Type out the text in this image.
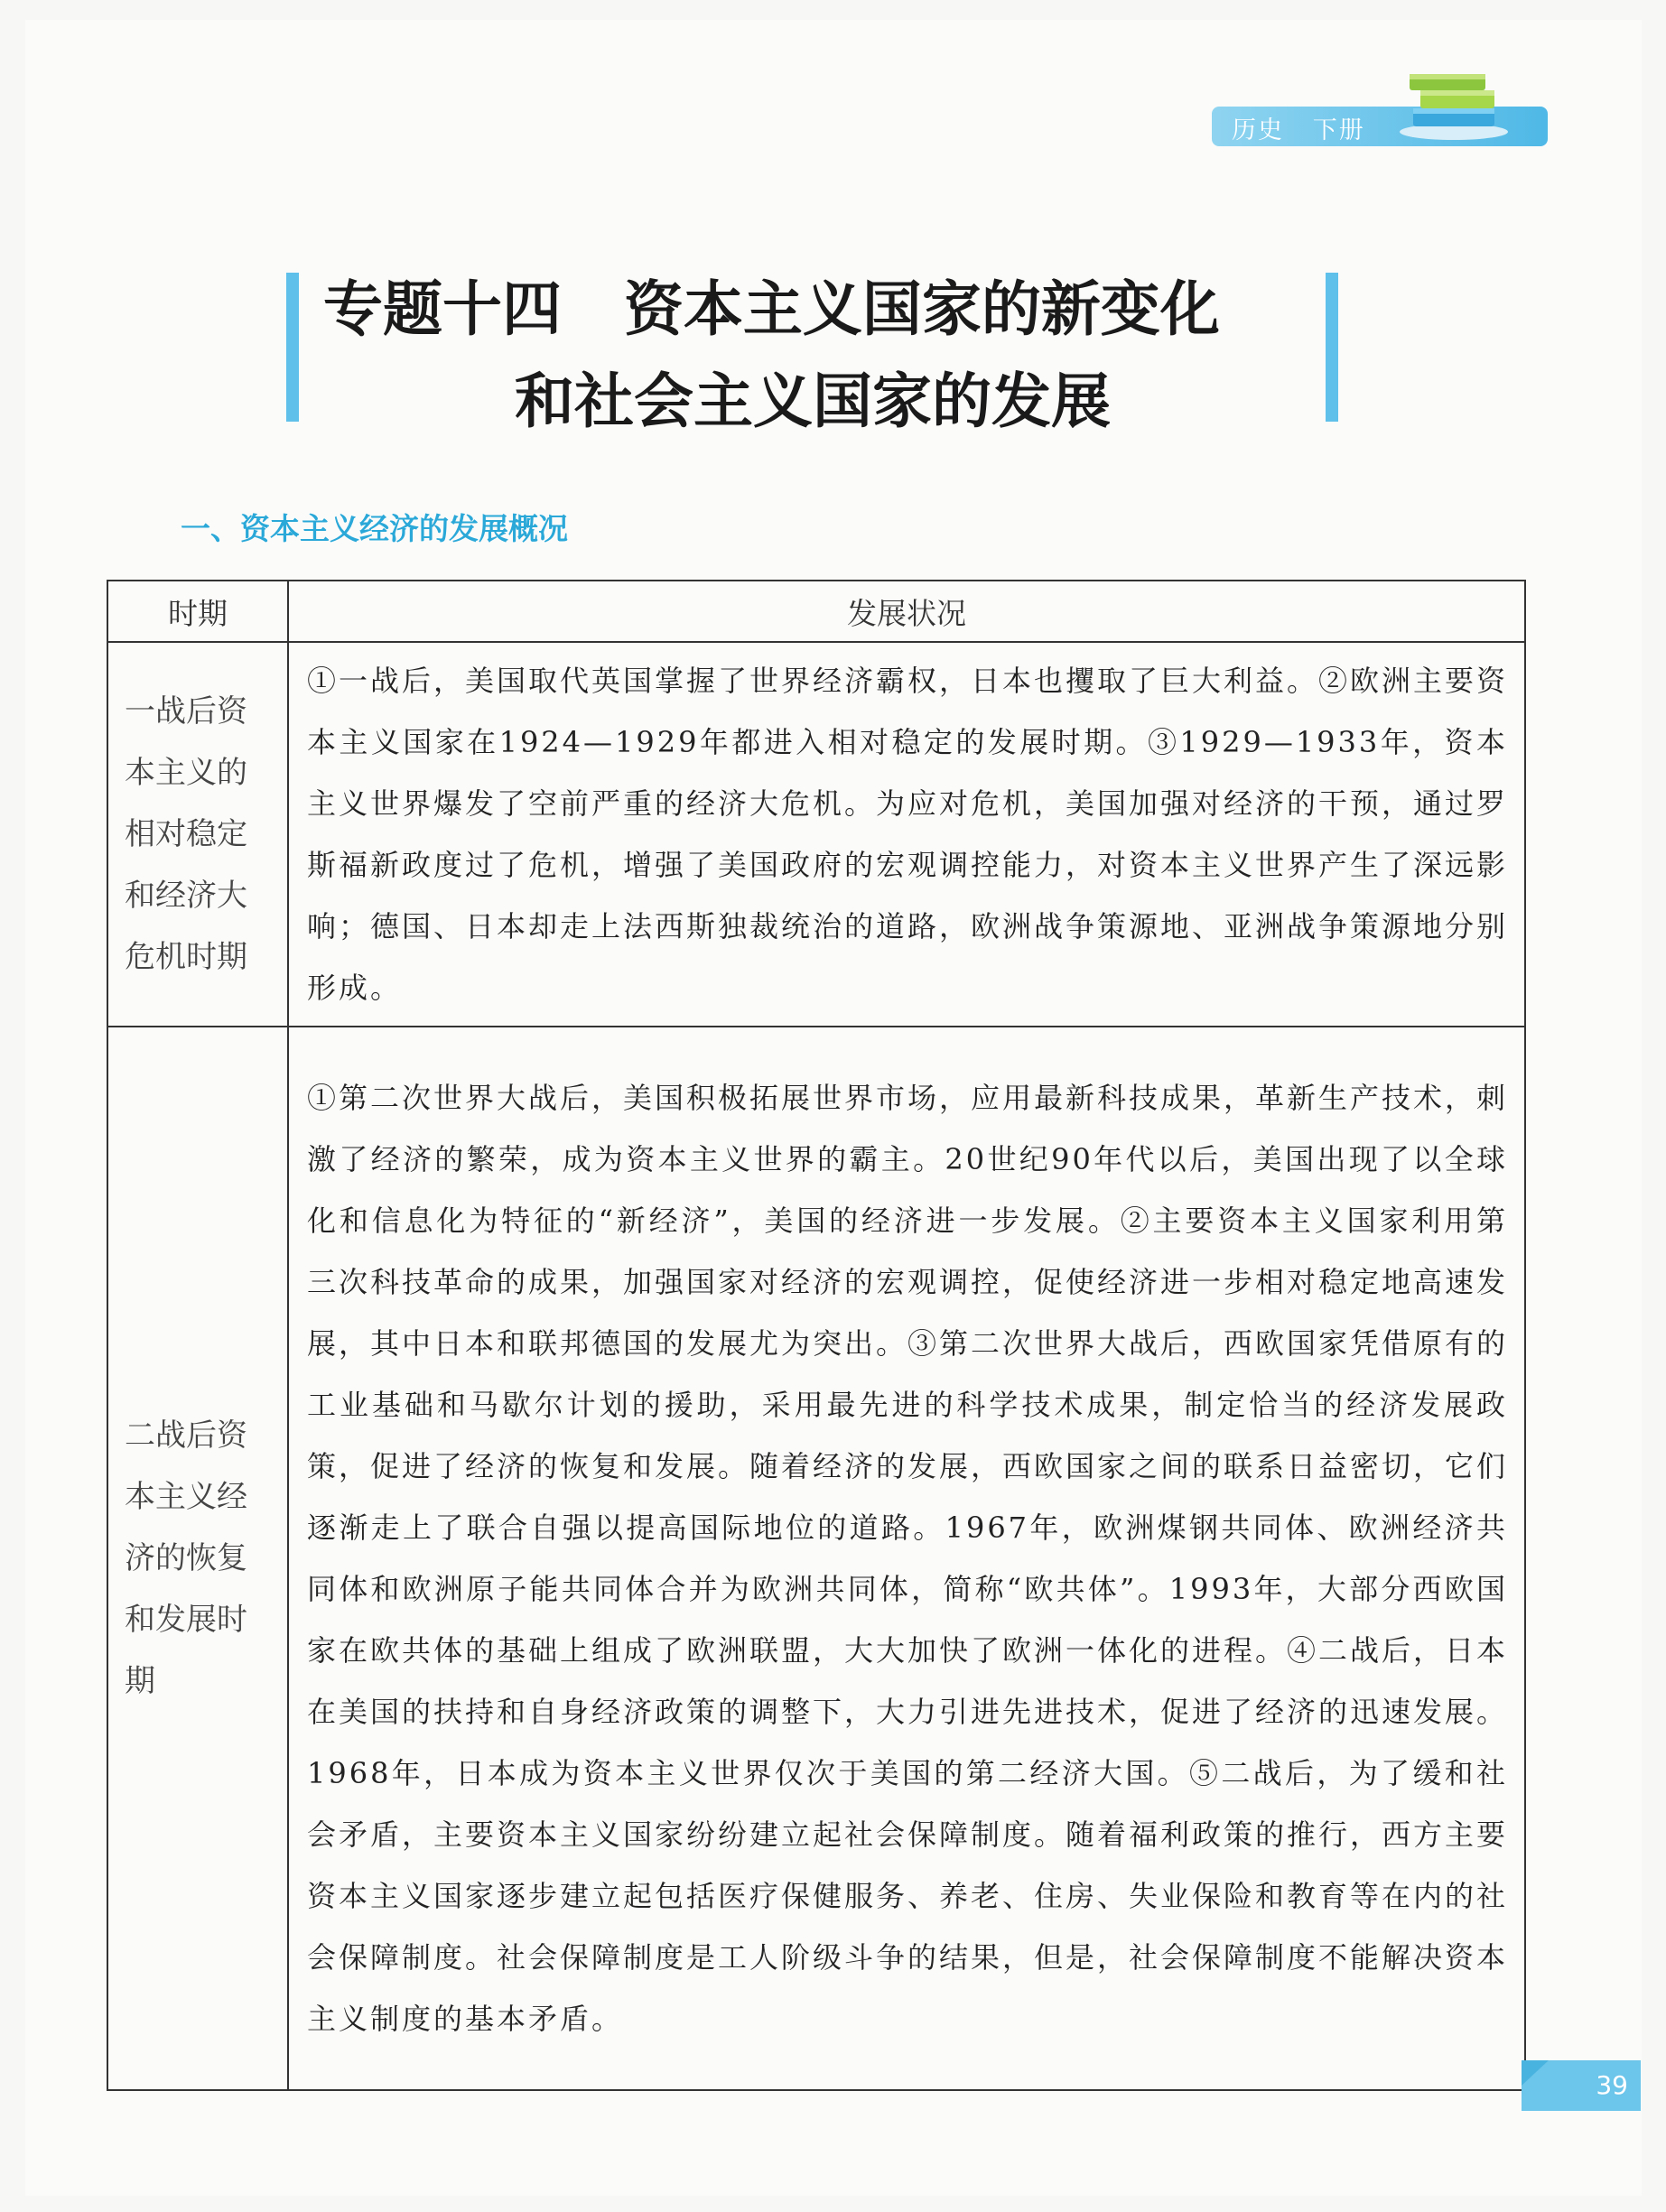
历史   下册
专题十四   资本主义国家的新变化
和社会主义国家的发展
一、资本主义经济的发展概况
时期	发展状况
一战后资本主义的相对稳定和经济大危机时期	①一战后，美国取代英国掌握了世界经济霸权，日本也攫取了巨大利益。②欧洲主要资本主义国家在1924—1929年都进入相对稳定的发展时期。③1929—1933年，资本主义世界爆发了空前严重的经济大危机。为应对危机，美国加强对经济的干预，通过罗斯福新政度过了危机，增强了美国政府的宏观调控能力，对资本主义世界产生了深远影响；德国、日本却走上法西斯独裁统治的道路，欧洲战争策源地、亚洲战争策源地分别形成。
二战后资本主义经济的恢复和发展时期	①第二次世界大战后，美国积极拓展世界市场，应用最新科技成果，革新生产技术，刺激了经济的繁荣，成为资本主义世界的霸主。20世纪90年代以后，美国出现了以全球化和信息化为特征的“新经济”，美国的经济进一步发展。②主要资本主义国家利用第三次科技革命的成果，加强国家对经济的宏观调控，促使经济进一步相对稳定地高速发展，其中日本和联邦德国的发展尤为突出。③第二次世界大战后，西欧国家凭借原有的工业基础和马歇尔计划的援助，采用最先进的科学技术成果，制定恰当的经济发展政策，促进了经济的恢复和发展。随着经济的发展，西欧国家之间的联系日益密切，它们逐渐走上了联合自强以提高国际地位的道路。1967年，欧洲煤钢共同体、欧洲经济共同体和欧洲原子能共同体合并为欧洲共同体，简称“欧共体”。1993年，大部分西欧国家在欧共体的基础上组成了欧洲联盟，大大加快了欧洲一体化的进程。④二战后，日本在美国的扶持和自身经济政策的调整下，大力引进先进技术，促进了经济的迅速发展。1968年，日本成为资本主义世界仅次于美国的第二经济大国。⑤二战后，为了缓和社会矛盾，主要资本主义国家纷纷建立起社会保障制度。随着福利政策的推行，西方主要资本主义国家逐步建立起包括医疗保健服务、养老、住房、失业保险和教育等在内的社会保障制度。社会保障制度是工人阶级斗争的结果，但是，社会保障制度不能解决资本主义制度的基本矛盾。
39
